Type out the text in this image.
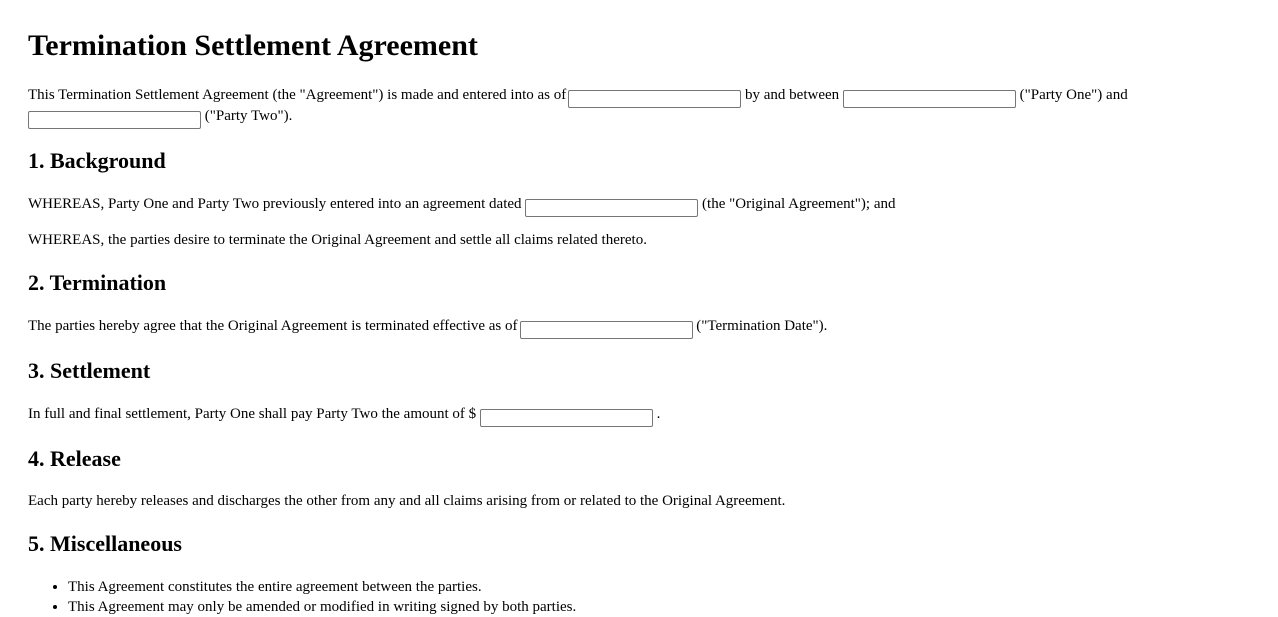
Termination Settlement Agreement

This Termination Settlement Agreement (the "Agreement") is made and entered into as of	by and between	("Party One") and

("Party Two").

1. Background

WHEREAS, Party One and Party Two previously entered into an agreement dated	(the "Original Agreement"); and

WHEREAS, the parties desire to terminate the Original Agreement and settle all claims related thereto.

2. Termination

The parties hereby agree that the Original Agreement is terminated effective as of	("Termination Date").

3. Settlement

In full and final settlement, Party One shall pay Party Two the amount of $	.

4. Release

Each party hereby releases and discharges the other from any and all claims arising from or related to the Original Agreement.

5. Miscellaneous
• This Agreement constitutes the entire agreement between the parties.
• This Agreement may only be amended or modified in writing signed by both parties.
